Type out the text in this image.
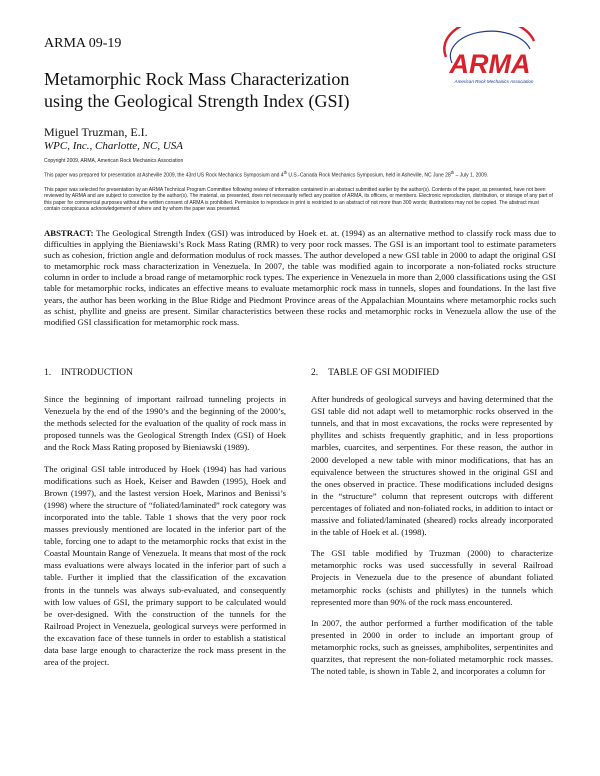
ARMA 09-19
ARMA
American Rock Mechanics Association
Metamorphic Rock Mass Characterization
using the Geological Strength Index (GSI)
Miguel Truzman, E.I.
WPC, Inc., Charlotte, NC, USA
Copyright 2009, ARMA, American Rock Mechanics Association
This paper was prepared for presentation at Asheville 2009, the 43rd US Rock Mechanics Symposium and 4th U.S.-Canada Rock Mechanics Symposium, held in Asheville, NC June 28th – July 1, 2009.
This paper was selected for presentation by an ARMA Technical Program Committee following review of information contained in an abstract submitted earlier by the author(s). Contents of the paper, as presented, have not been reviewed by ARMA and are subject to correction by the author(s). The material, as presented, does not necessarily reflect any position of ARMA, its officers, or members. Electronic reproduction, distribution, or storage of any part of this paper for commercial purposes without the written consent of ARMA is prohibited. Permission to reproduce in print is restricted to an abstract of not more than 300 words; illustrations may not be copied. The abstract must contain conspicuous acknowledgement of where and by whom the paper was presented.
ABSTRACT: The Geological Strength Index (GSI) was introduced by Hoek et. at. (1994) as an alternative method to classify rock mass due to difficulties in applying the Bieniawski’s Rock Mass Rating (RMR) to very poor rock masses. The GSI is an important tool to estimate parameters such as cohesion, friction angle and deformation modulus of rock masses. The author developed a new GSI table in 2000 to adapt the original GSI to metamorphic rock mass characterization in Venezuela. In 2007, the table was modified again to incorporate a non-foliated rocks structure column in order to include a broad range of metamorphic rock types. The experience in Venezuela in more than 2,000 classifications using the GSI table for metamorphic rocks, indicates an effective means to evaluate metamorphic rock mass in tunnels, slopes and foundations. In the last five years, the author has been working in the Blue Ridge and Piedmont Province areas of the Appalachian Mountains where metamorphic rocks such as schist, phyllite and gneiss are present. Similar characteristics between these rocks and metamorphic rocks in Venezuela allow the use of the modified GSI classification for metamorphic rock mass.
1. INTRODUCTION

Since the beginning of important railroad tunneling projects in Venezuela by the end of the 1990’s and the beginning of the 2000’s, the methods selected for the evaluation of the quality of rock mass in proposed tunnels was the Geological Strength Index (GSI) of Hoek and the Rock Mass Rating proposed by Bieniawski (1989).

The original GSI table introduced by Hoek (1994) has had various modifications such as Hoek, Keiser and Bawden (1995), Hoek and Brown (1997), and the lastest version Hoek, Marinos and Benissi’s (1998) where the structure of “foliated/laminated” rock category was incorporated into the table. Table 1 shows that the very poor rock masses previously mentioned are located in the inferior part of the table, forcing one to adapt to the metamorphic rocks that exist in the Coastal Mountain Range of Venezuela. It means that most of the rock mass evaluations were always located in the inferior part of such a table. Further it implied that the classification of the excavation fronts in the tunnels was always sub-evaluated, and consequently with low values of GSI, the primary support to be calculated would be over-designed. With the construction of the tunnels for the Railroad Project in Venezuela, geological surveys were performed in the excavation face of these tunnels in order to establish a statistical data base large enough to characterize the rock mass present in the area of the project.

2. TABLE OF GSI MODIFIED

After hundreds of geological surveys and having determined that the GSI table did not adapt well to metamorphic rocks observed in the tunnels, and that in most excavations, the rocks were represented by phyllites and schists frequently graphitic, and in less proportions marbles, cuarcites, and serpentines. For these reason, the author in 2000 developed a new table with minor modifications, that has an equivalence between the structures showed in the original GSI and the ones observed in practice. These modifications included designs in the “structure” column that represent outcrops with different percentages of foliated and non-foliated rocks, in addition to intact or massive and foliated/laminated (sheared) rocks already incorporated in the table of Hoek et al. (1998).

The GSI table modified by Truzman (2000) to characterize metamorphic rocks was used successfully in several Railroad Projects in Venezuela due to the presence of abundant foliated metamorphic rocks (schists and phillytes) in the tunnels which represented more than 90% of the rock mass encountered.

In 2007, the author performed a further modification of the table presented in 2000 in order to include an important group of metamorphic rocks, such as gneisses, amphibolites, serpentinites and quarzites, that represent the non-foliated metamorphic rock masses. The noted table, is shown in Table 2, and incorporates a column for
